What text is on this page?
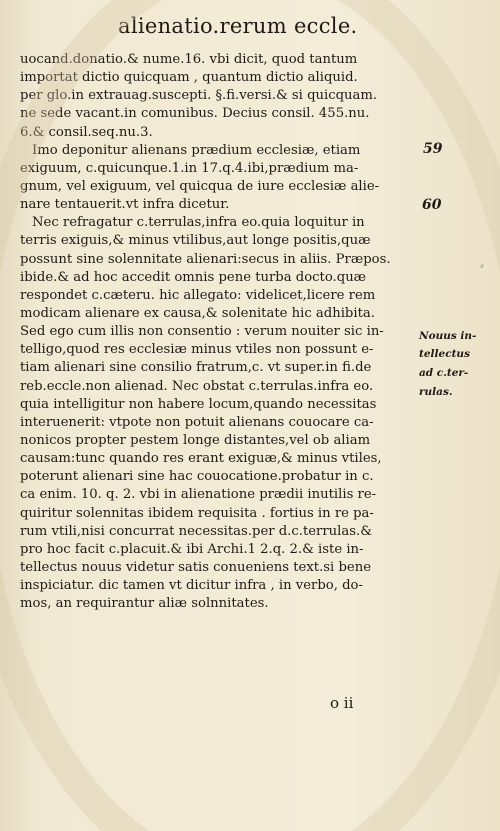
alienatio.rerum eccle.
uocand.donatio.& nume.16. vbi dicit, quod tantum
importat dictio quicquam , quantum dictio aliquid.
per glo.in extrauag.suscepti. §.fi.versi.& si quicquam.
ne sede vacant.in comunibus. Decius consil. 455.nu.
6.& consil.seq.nu.3.
Imo deponitur alienans prædium ecclesiæ, etiam
exiguum, c.quicunque.1.in 17.q.4.ibi,prædium ma-
gnum, vel exiguum, vel quicqua de iure ecclesiæ alie-
nare tentauerit.vt infra dicetur.
Nec refragatur c.terrulas,infra eo.quia loquitur in
terris exiguis,& minus vtilibus,aut longe positis,quæ
possunt sine solennitate alienari:secus in aliis. Præpos.
ibide.& ad hoc accedit omnis pene turba docto.quæ
respondet c.cæteru. hic allegato: videlicet,licere rem
modicam alienare ex causa,& solenitate hic adhibita.
Sed ego cum illis non consentio : verum nouiter sic in-
telligo,quod res ecclesiæ minus vtiles non possunt e-
tiam alienari sine consilio fratrum,c. vt super.in fi.de
reb.eccle.non alienad. Nec obstat c.terrulas.infra eo.
quia intelligitur non habere locum,quando necessitas
interuenerit: vtpote non potuit alienans couocare ca-
nonicos propter pestem longe distantes,vel ob aliam
causam:tunc quando res erant exiguæ,& minus vtiles,
poterunt alienari sine hac couocatione.probatur in c.
ca enim. 10. q. 2. vbi in alienatione prædii inutilis re-
quiritur solennitas ibidem requisita . fortius in re pa-
rum vtili,nisi concurrat necessitas.per d.c.terrulas.&
pro hoc facit c.placuit.& ibi Archi.1 2.q. 2.& iste in-
tellectus nouus videtur satis conueniens text.si bene
inspiciatur. dic tamen vt dicitur infra , in verbo, do-
mos, an requirantur aliæ solnnitates.
59
60
Nouus in-
tellectus
ad c.ter-
rulas.
o ii
⸗
